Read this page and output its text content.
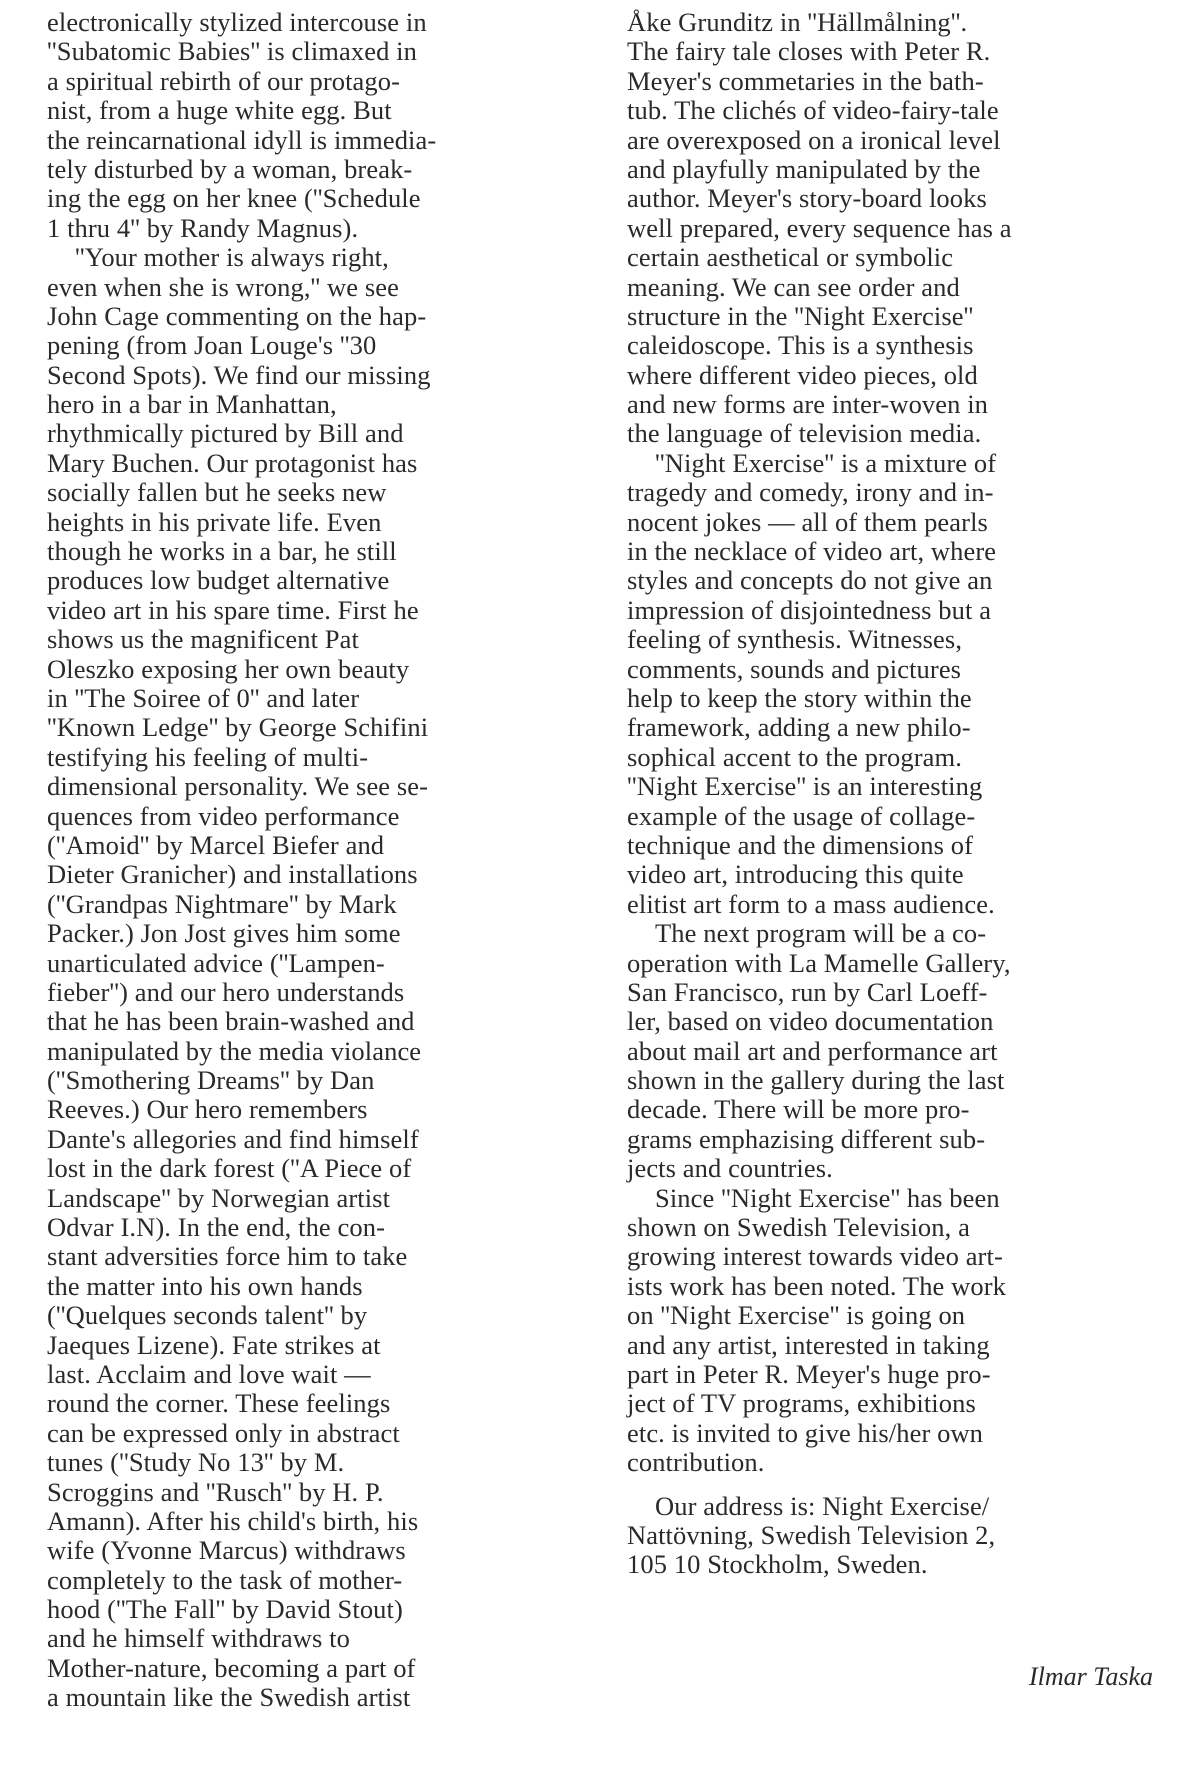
electronically stylized intercouse in
''Subatomic Babies'' is climaxed in
a spiritual rebirth of our protago-
nist, from a huge white egg. But
the reincarnational idyll is immedia-
tely disturbed by a woman, break-
ing the egg on her knee (''Schedule
1 thru 4'' by Randy Magnus).
''Your mother is always right,
even when she is wrong,'' we see
John Cage commenting on the hap-
pening (from Joan Louge's ''30
Second Spots). We find our missing
hero in a bar in Manhattan,
rhythmically pictured by Bill and
Mary Buchen. Our protagonist has
socially fallen but he seeks new
heights in his private life. Even
though he works in a bar, he still
produces low budget alternative
video art in his spare time. First he
shows us the magnificent Pat
Oleszko exposing her own beauty
in ''The Soiree of 0'' and later
''Known Ledge'' by George Schifini
testifying his feeling of multi-
dimensional personality. We see se-
quences from video performance
(''Amoid'' by Marcel Biefer and
Dieter Granicher) and installations
(''Grandpas Nightmare'' by Mark
Packer.) Jon Jost gives him some
unarticulated advice (''Lampen-
fieber'') and our hero understands
that he has been brain-washed and
manipulated by the media violance
(''Smothering Dreams'' by Dan
Reeves.) Our hero remembers
Dante's allegories and find himself
lost in the dark forest (''A Piece of
Landscape'' by Norwegian artist
Odvar I.N). In the end, the con-
stant adversities force him to take
the matter into his own hands
(''Quelques seconds talent'' by
Jaeques Lizene). Fate strikes at
last. Acclaim and love wait —
round the corner. These feelings
can be expressed only in abstract
tunes (''Study No 13'' by M.
Scroggins and ''Rusch'' by H. P.
Amann). After his child's birth, his
wife (Yvonne Marcus) withdraws
completely to the task of mother-
hood (''The Fall'' by David Stout)
and he himself withdraws to
Mother-nature, becoming a part of
a mountain like the Swedish artist
Åke Grunditz in ''Hällmålning''.
The fairy tale closes with Peter R.
Meyer's commetaries in the bath-
tub. The clichés of video-fairy-tale
are overexposed on a ironical level
and playfully manipulated by the
author. Meyer's story-board looks
well prepared, every sequence has a
certain aesthetical or symbolic
meaning. We can see order and
structure in the ''Night Exercise''
caleidoscope. This is a synthesis
where different video pieces, old
and new forms are inter-woven in
the language of television media.
''Night Exercise'' is a mixture of
tragedy and comedy, irony and in-
nocent jokes — all of them pearls
in the necklace of video art, where
styles and concepts do not give an
impression of disjointedness but a
feeling of synthesis. Witnesses,
comments, sounds and pictures
help to keep the story within the
framework, adding a new philo-
sophical accent to the program.
''Night Exercise'' is an interesting
example of the usage of collage-
technique and the dimensions of
video art, introducing this quite
elitist art form to a mass audience.
The next program will be a co-
operation with La Mamelle Gallery,
San Francisco, run by Carl Loeff-
ler, based on video documentation
about mail art and performance art
shown in the gallery during the last
decade. There will be more pro-
grams emphazising different sub-
jects and countries.
Since ''Night Exercise'' has been
shown on Swedish Television, a
growing interest towards video art-
ists work has been noted. The work
on ''Night Exercise'' is going on
and any artist, interested in taking
part in Peter R. Meyer's huge pro-
ject of TV programs, exhibitions
etc. is invited to give his/her own
contribution.
Our address is: Night Exercise/
Nattövning, Swedish Television 2,
105 10 Stockholm, Sweden.
Ilmar Taska
